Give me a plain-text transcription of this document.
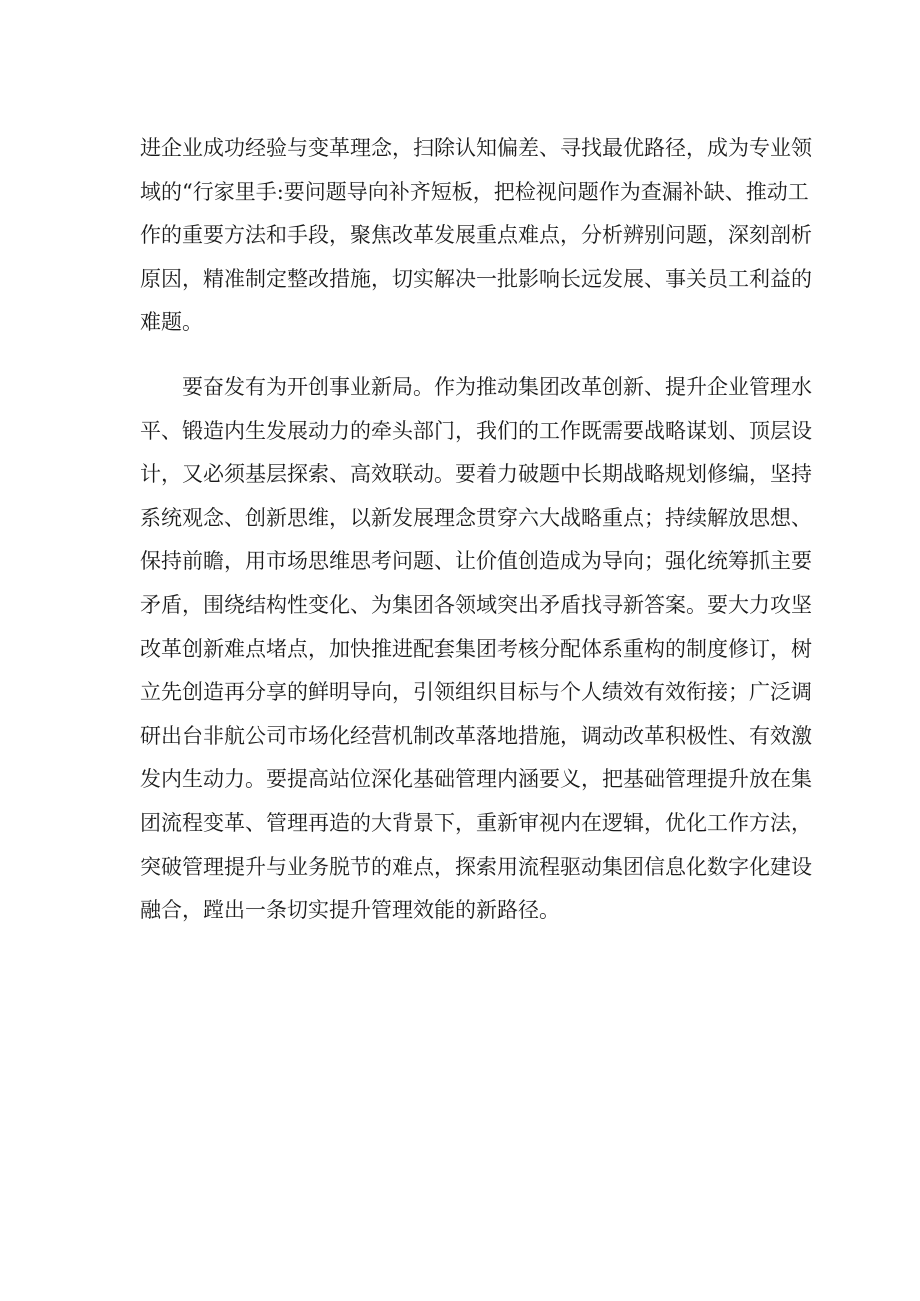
进企业成功经验与变革理念，扫除认知偏差、寻找最优路径，成为专业领
域的“行家里手:要问题导向补齐短板，把检视问题作为查漏补缺、推动工
作的重要方法和手段，聚焦改革发展重点难点，分析辨别问题，深刻剖析
原因，精准制定整改措施，切实解决一批影响长远发展、事关员工利益的
难题。
要奋发有为开创事业新局。作为推动集团改革创新、提升企业管理水
平、锻造内生发展动力的牵头部门，我们的工作既需要战略谋划、顶层设
计，又必须基层探索、高效联动。要着力破题中长期战略规划修编，坚持
系统观念、创新思维，以新发展理念贯穿六大战略重点；持续解放思想、
保持前瞻，用市场思维思考问题、让价值创造成为导向；强化统筹抓主要
矛盾，围绕结构性变化、为集团各领域突出矛盾找寻新答案。要大力攻坚
改革创新难点堵点，加快推进配套集团考核分配体系重构的制度修订，树
立先创造再分享的鲜明导向，引领组织目标与个人绩效有效衔接；广泛调
研出台非航公司市场化经营机制改革落地措施，调动改革积极性、有效激
发内生动力。要提高站位深化基础管理内涵要义，把基础管理提升放在集
团流程变革、管理再造的大背景下，重新审视内在逻辑，优化工作方法，
突破管理提升与业务脱节的难点，探索用流程驱动集团信息化数字化建设
融合，蹚出一条切实提升管理效能的新路径。
